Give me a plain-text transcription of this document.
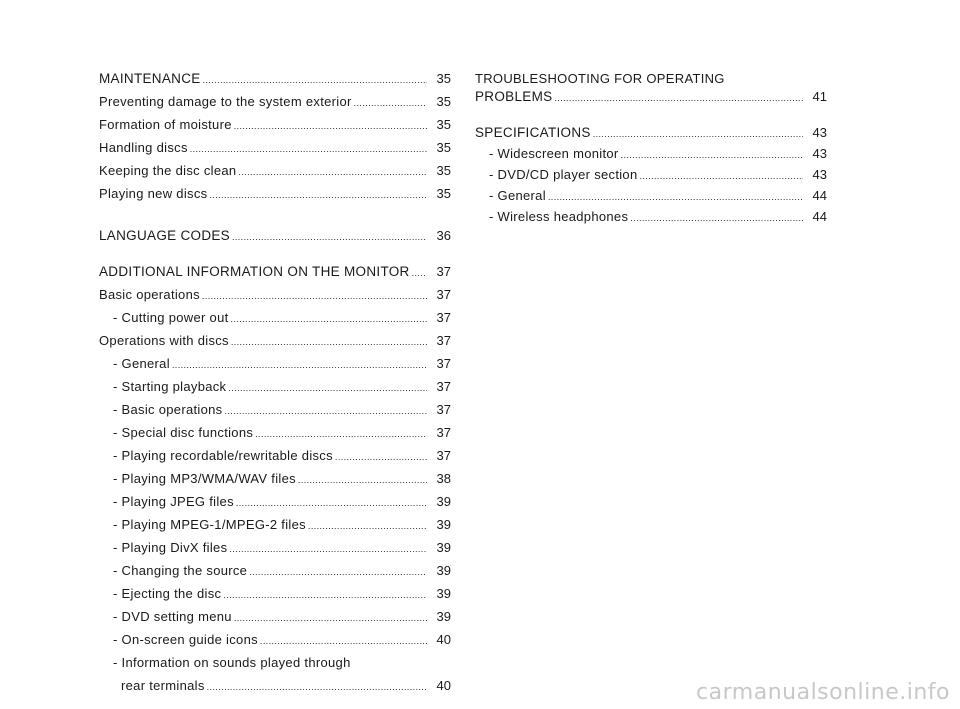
MAINTENANCE .....	35
Preventing damage to the system exterior .....	35
Formation of moisture .....	35
Handling discs .....	35
Keeping the disc clean .....	35
Playing new discs .....	35
LANGUAGE CODES .....	36
ADDITIONAL INFORMATION ON THE MONITOR .....	37
Basic operations .....	37
- Cutting power out .....	37
Operations with discs .....	37
- General .....	37
- Starting playback .....	37
- Basic operations .....	37
- Special disc functions .....	37
- Playing recordable/rewritable discs .....	37
- Playing MP3/WMA/WAV files .....	38
- Playing JPEG files .....	39
- Playing MPEG-1/MPEG-2 files .....	39
- Playing DivX files .....	39
- Changing the source .....	39
- Ejecting the disc .....	39
- DVD setting menu .....	39
- On-screen guide icons .....	40
- Information on sounds played through
rear terminals .....	40
TROUBLESHOOTING FOR OPERATING
PROBLEMS .....	41
SPECIFICATIONS .....	43
- Widescreen monitor .....	43
- DVD/CD player section .....	43
- General .....	44
- Wireless headphones .....	44
carmanualsonline.info
